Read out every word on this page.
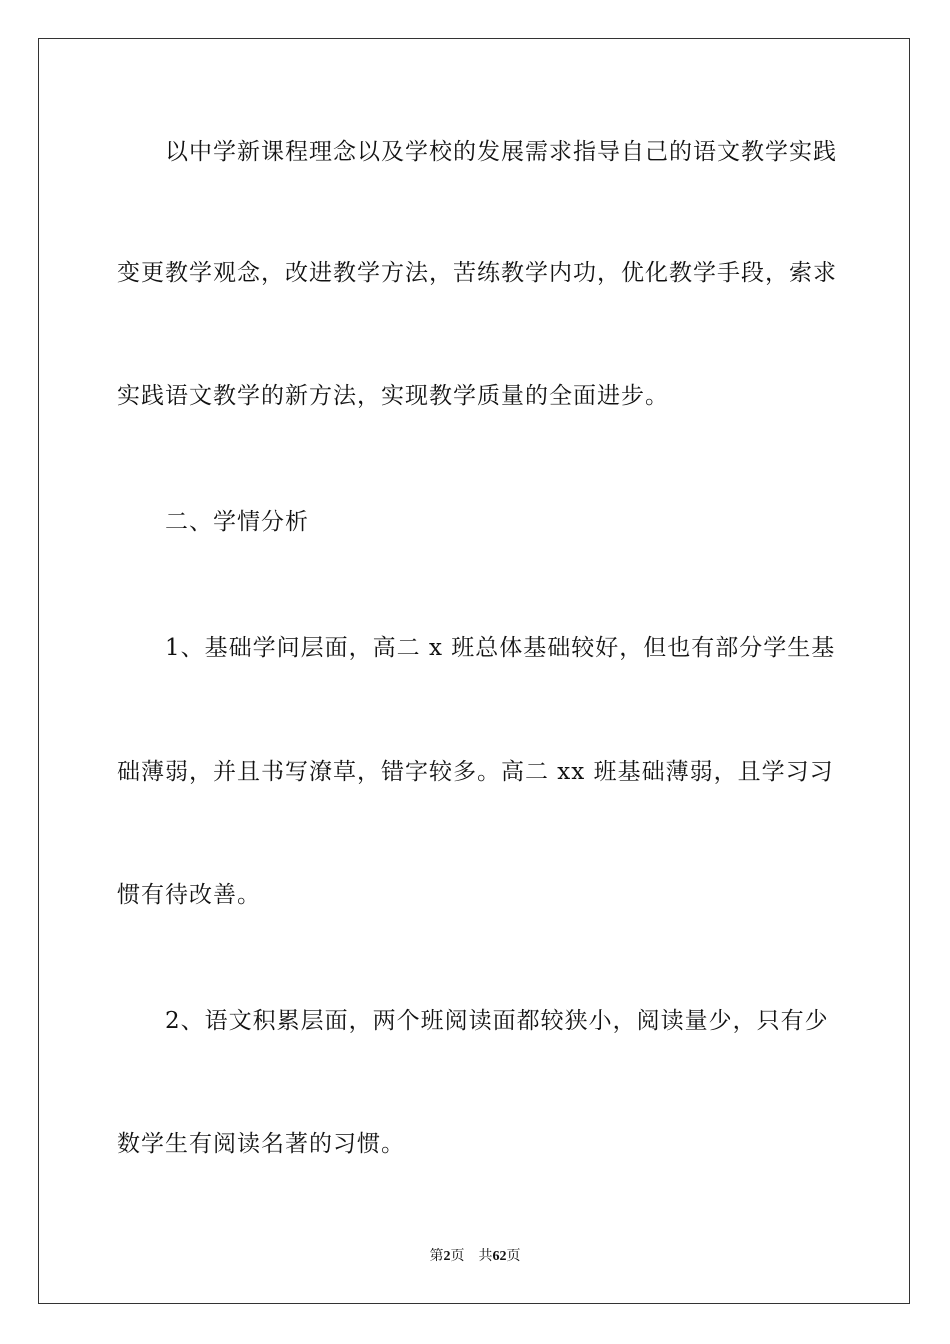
以中学新课程理念以及学校的发展需求指导自己的语文教学实践
变更教学观念，改进教学方法，苦练教学内功，优化教学手段，索求
实践语文教学的新方法，实现教学质量的全面进步。
二、学情分析
1、基础学问层面，高二 x 班总体基础较好，但也有部分学生基
础薄弱，并且书写潦草，错字较多。高二 xx 班基础薄弱，且学习习
惯有待改善。
2、语文积累层面，两个班阅读面都较狭小，阅读量少，只有少
数学生有阅读名著的习惯。
第2页 共62页
